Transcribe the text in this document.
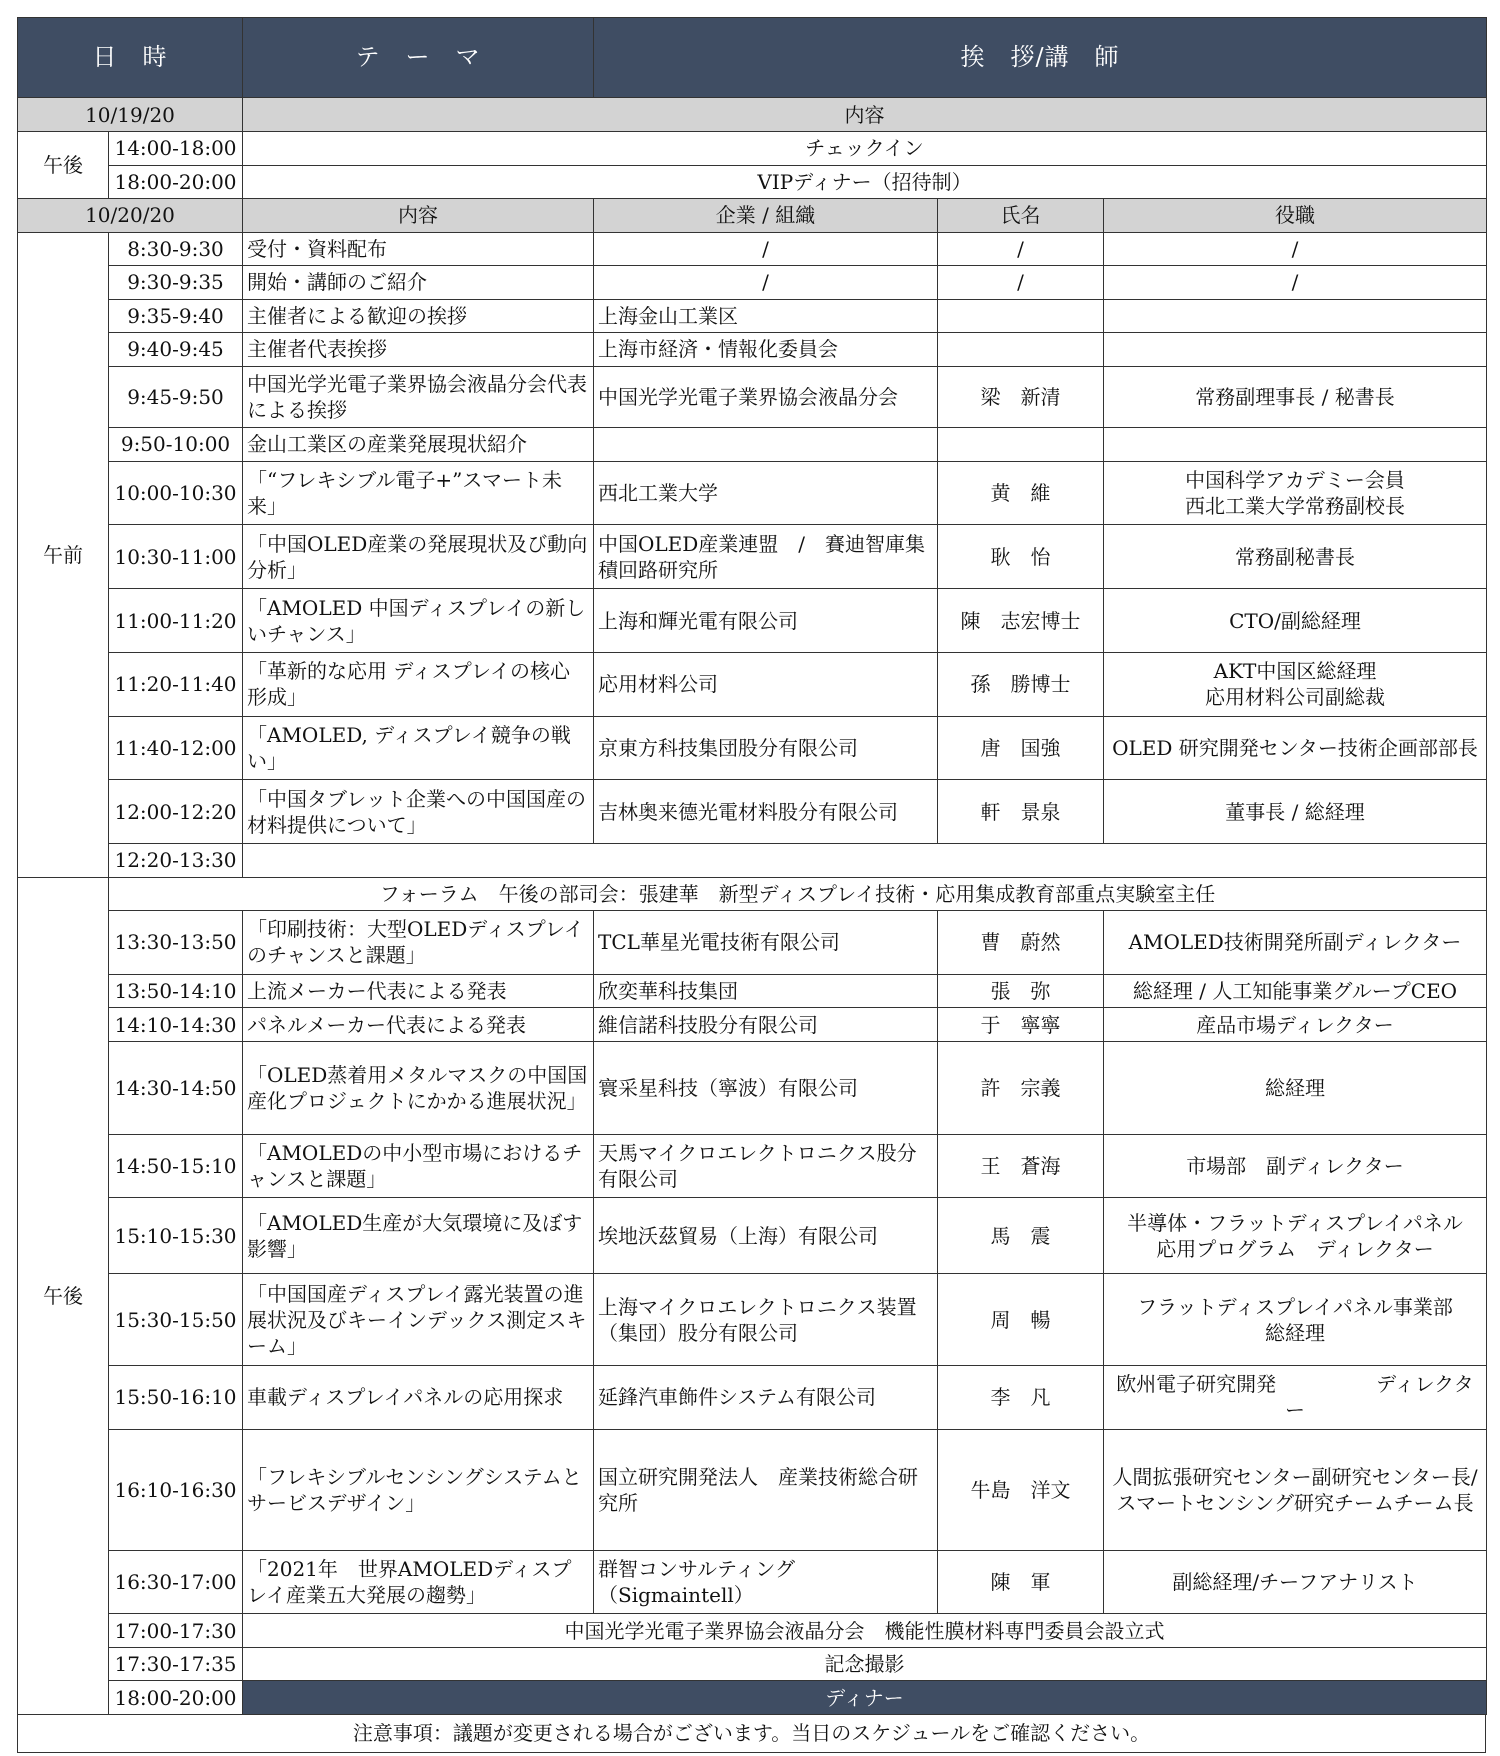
日　時		テ　ー　マ	挨　拶/講　師		
10/19/20		内容			
午後	14:00-18:00	チェックイン			
	18:00-20:00	VIPディナー（招待制）			
10/20/20		内容	企業 / 組織	氏名	役職
午前	8:30-9:30	受付・資料配布	/	/	/
	9:30-9:35	開始・講師のご紹介	/	/	/
	9:35-9:40	主催者による歓迎の挨拶	上海金山工業区		
	9:40-9:45	主催者代表挨拶	上海市経済・情報化委員会		
	9:45-9:50	中国光学光電子業界協会液晶分会代表による挨拶	中国光学光電子業界協会液晶分会	梁　新清	常務副理事長 / 秘書長
	9:50-10:00	金山工業区の産業発展現状紹介			
	10:00-10:30	「“フレキシブル電子+”スマート未来」	西北工業大学	黄　維	中国科学アカデミー会員
西北工業大学常務副校長
	10:30-11:00	「中国OLED産業の発展現状及び動向分析」	中国OLED産業連盟　/　賽迪智庫集積回路研究所	耿　怡	常務副秘書長
	11:00-11:20	「AMOLED 中国ディスプレイの新しいチャンス」	上海和輝光電有限公司	陳　志宏博士	CTO/副総経理
	11:20-11:40	「革新的な応用 ディスプレイの核心形成」	応用材料公司	孫　勝博士	AKT中国区総経理
応用材料公司副総裁
	11:40-12:00	「AMOLED, ディスプレイ競争の戦い」	京東方科技集団股分有限公司	唐　国強	OLED 研究開発センター技術企画部部長
	12:00-12:20	「中国タブレット企業への中国国産の材料提供について」	吉林奥来德光電材料股分有限公司	軒　景泉	董事長 / 総経理
	12:20-13:30				
午後	フォーラム　午後の部司会：張建華　新型ディスプレイ技術・応用集成教育部重点実験室主任				
	13:30-13:50	「印刷技術：大型OLEDディスプレイのチャンスと課題」	TCL華星光電技術有限公司	曹　蔚然	AMOLED技術開発所副ディレクター
	13:50-14:10	上流メーカー代表による発表	欣奕華科技集団	張　弥	総経理 / 人工知能事業グループCEO
	14:10-14:30	パネルメーカー代表による発表	維信諾科技股分有限公司	于　寧寧	産品市場ディレクター
	14:30-14:50	「OLED蒸着用メタルマスクの中国国産化プロジェクトにかかる進展状況」	寰采星科技（寧波）有限公司	許　宗義	総経理
	14:50-15:10	「AMOLEDの中小型市場におけるチャンスと課題」	天馬マイクロエレクトロニクス股分有限公司	王　蒼海	市場部　副ディレクター
	15:10-15:30	「AMOLED生産が大気環境に及ぼす影響」	埃地沃茲貿易（上海）有限公司	馬　震	半導体・フラットディスプレイパネル
応用プログラム　ディレクター
	15:30-15:50	「中国国産ディスプレイ露光装置の進展状況及びキーインデックス測定スキーム」	上海マイクロエレクトロニクス装置（集団）股分有限公司	周　暢	フラットディスプレイパネル事業部
総経理
	15:50-16:10	車載ディスプレイパネルの応用探求	延鋒汽車飾件システム有限公司	李　凡	欧州電子研究開発　　　　　ディレクター
	16:10-16:30	「フレキシブルセンシングシステムとサービスデザイン」	国立研究開発法人　産業技術総合研究所	牛島　洋文	人間拡張研究センター副研究センター長/スマートセンシング研究チームチーム長
	16:30-17:00	「2021年　世界AMOLEDディスプレイ産業五大発展の趨勢」	群智コンサルティング
（Sigmaintell）	陳　軍	副総経理/チーフアナリスト
	17:00-17:30	中国光学光電子業界協会液晶分会　機能性膜材料専門委員会設立式			
	17:30-17:35	記念撮影			
	18:00-20:00	ディナー			
注意事項：議題が変更される場合がございます。当日のスケジュールをご確認ください。
